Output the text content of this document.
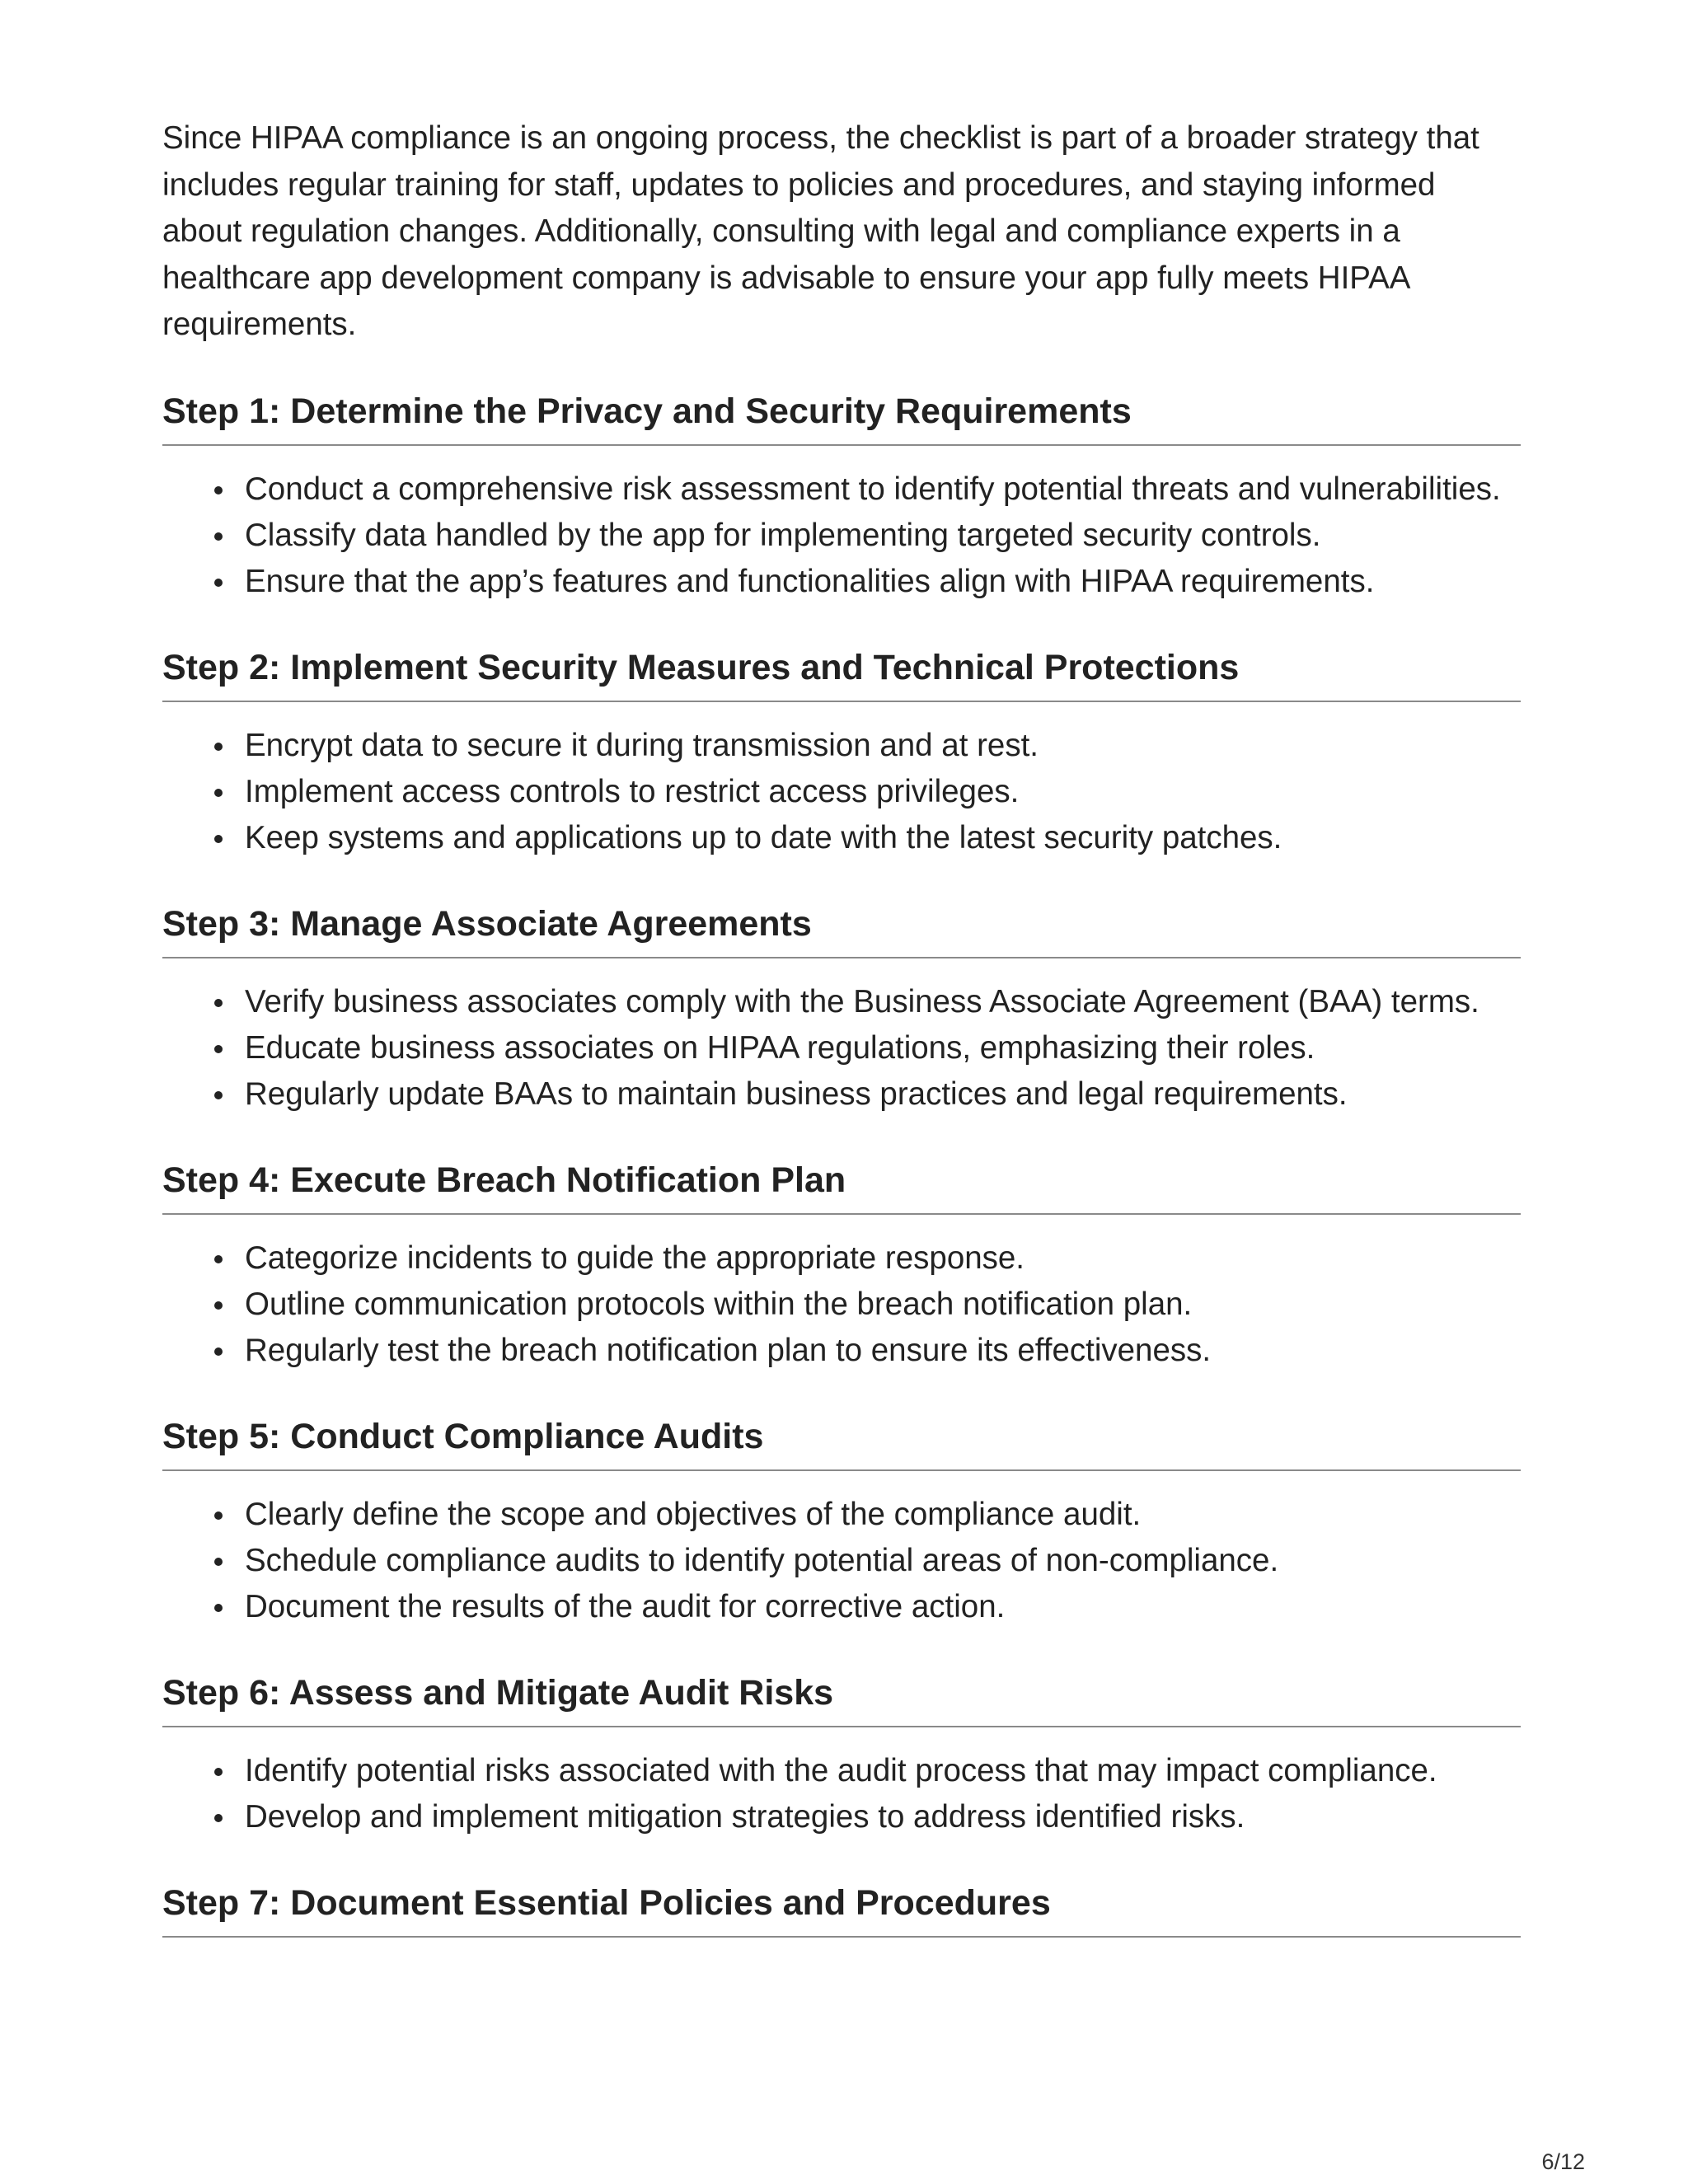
Since HIPAA compliance is an ongoing process, the checklist is part of a broader strategy that includes regular training for staff, updates to policies and procedures, and staying informed about regulation changes. Additionally, consulting with legal and compliance experts in a healthcare app development company is advisable to ensure your app fully meets HIPAA requirements.

Step 1: Determine the Privacy and Security Requirements
Conduct a comprehensive risk assessment to identify potential threats and vulnerabilities.
Classify data handled by the app for implementing targeted security controls.
Ensure that the app’s features and functionalities align with HIPAA requirements.
Step 2: Implement Security Measures and Technical Protections
Encrypt data to secure it during transmission and at rest.
Implement access controls to restrict access privileges.
Keep systems and applications up to date with the latest security patches.
Step 3: Manage Associate Agreements
Verify business associates comply with the Business Associate Agreement (BAA) terms.
Educate business associates on HIPAA regulations, emphasizing their roles.
Regularly update BAAs to maintain business practices and legal requirements.
Step 4: Execute Breach Notification Plan
Categorize incidents to guide the appropriate response.
Outline communication protocols within the breach notification plan.
Regularly test the breach notification plan to ensure its effectiveness.
Step 5: Conduct Compliance Audits
Clearly define the scope and objectives of the compliance audit.
Schedule compliance audits to identify potential areas of non-compliance.
Document the results of the audit for corrective action.
Step 6: Assess and Mitigate Audit Risks
Identify potential risks associated with the audit process that may impact compliance.
Develop and implement mitigation strategies to address identified risks.
Step 7: Document Essential Policies and Procedures
6/12
